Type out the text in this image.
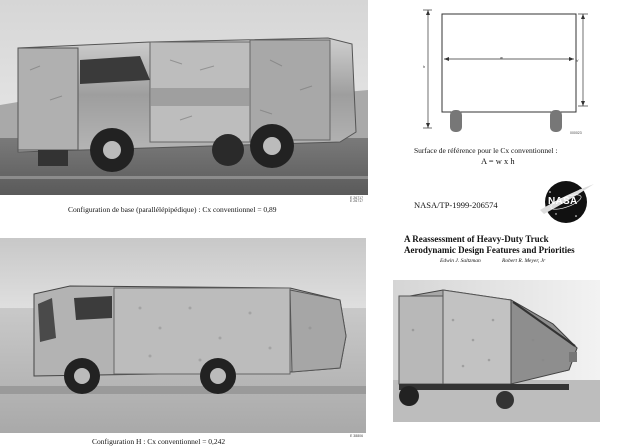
E 26717
E 26717
Configuration de base (parallélépipédique) : Cx conventionnel = 0,89
E 38806
Configuration H : Cx conventionnel = 0,242
w
h
h'
000023
Surface de référence pour le Cx conventionnel :
A = w x h
NASA/TP-1999-206574	NASA
A Reassessment of Heavy-Duty Truck
Aerodynamic Design Features and Priorities
Edwin J. Saltzman	Robert R. Meyer, Jr
